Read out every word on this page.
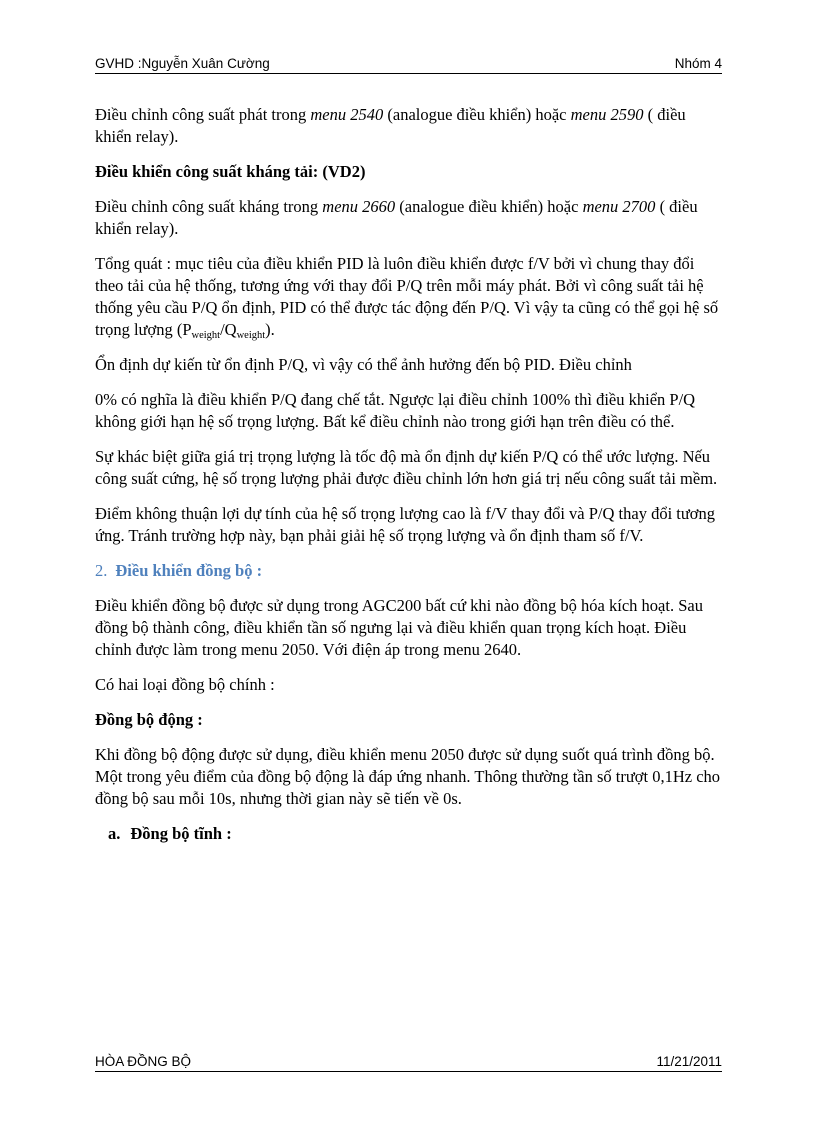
GVHD :Nguyễn Xuân Cường	Nhóm 4

Điều chỉnh công suất phát trong menu 2540 (analogue điều khiển) hoặc menu 2590 ( điều khiển relay).

Điều khiển công suất kháng tải: (VD2)

Điều chỉnh công suất kháng trong menu 2660 (analogue điều khiển) hoặc menu 2700 ( điều khiển relay).

Tổng quát : mục tiêu của điều khiển PID là luôn điều khiển được f/V bởi vì chung thay đổi theo tải của hệ thống, tương ứng với thay đổi P/Q trên mỗi máy phát. Bởi vì công suất tải hệ thống yêu cầu P/Q ổn định, PID có thể được tác động đến P/Q. Vì vậy ta cũng có thể gọi hệ số trọng lượng $(P_{weight}/Q_{weight})$.

Ổn định dự kiến từ ổn định P/Q, vì vậy có thể ảnh hưởng đến bộ PID. Điều chỉnh

0% có nghĩa là điều khiển P/Q đang chế tắt. Ngược lại điều chỉnh 100% thì điều khiển P/Q không giới hạn hệ số trọng lượng. Bất kể điều chỉnh nào trong giới hạn trên điều có thể.

Sự khác biệt giữa giá trị trọng lượng là tốc độ mà ổn định dự kiến P/Q có thể ước lượng. Nếu công suất cứng, hệ số trọng lượng phải được điều chỉnh lớn hơn giá trị nếu công suất tải mềm.

Điểm không thuận lợi dự tính của hệ số trọng lượng cao là f/V thay đổi và P/Q thay đổi tương ứng. Tránh trường hợp này, bạn phải giải hệ số trọng lượng và ổn định tham số f/V.

2. Điều khiển đồng bộ :

Điều khiển đồng bộ được sử dụng trong AGC200 bất cứ khi nào đồng bộ hóa kích hoạt. Sau đồng bộ thành công, điều khiển tần số ngưng lại và điều khiển quan trọng kích hoạt. Điều chỉnh được làm trong menu 2050. Với điện áp trong menu 2640.

Có hai loại đồng bộ chính :

Đồng bộ động :

Khi đồng bộ động được sử dụng, điều khiển menu 2050 được sử dụng suốt quá trình đồng bộ. Một trong yêu điểm của đồng bộ động là đáp ứng nhanh. Thông thường tần số trượt 0,1Hz cho đồng bộ sau mỗi 10s, nhưng thời gian này sẽ tiến về 0s.

a. Đồng bộ tĩnh :

HÒA ĐỒNG BỘ	11/21/2011
